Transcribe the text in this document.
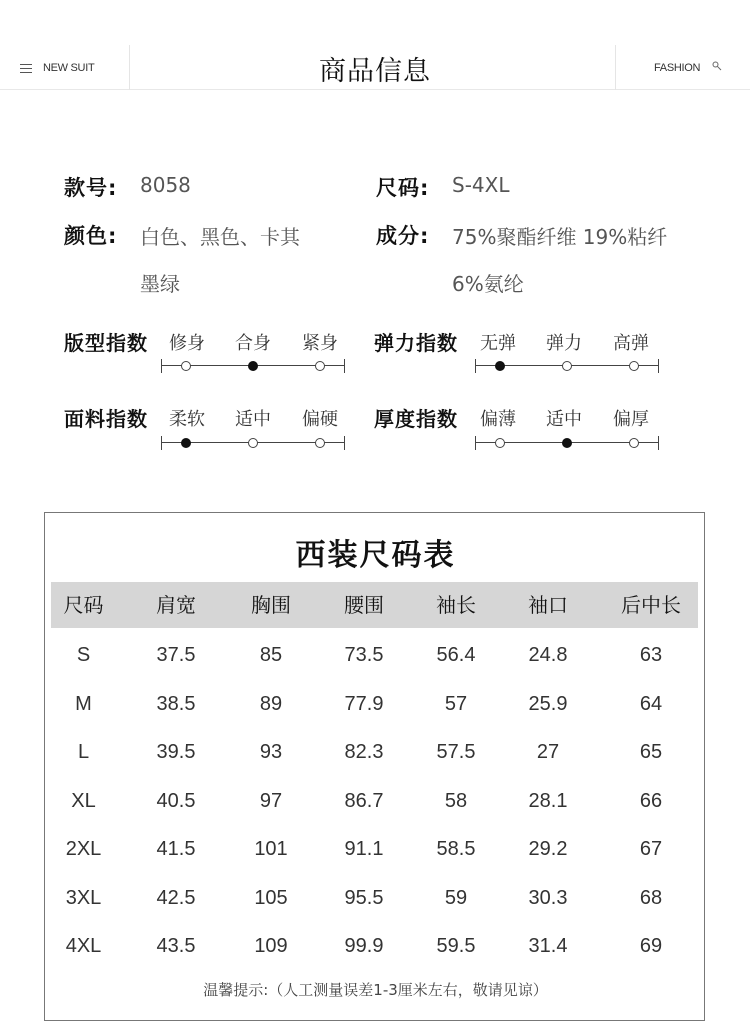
NEW SUIT	商品信息	FASHION
款号: 8058	尺码: S-4XL
颜色: 白色、黑色、卡其
墨绿
成分: 75%聚酯纤维 19%粘纤
6%氨纶
版型指数	修身	合身	紧身	弹力指数	无弹	弹力	高弹
面料指数	柔软	适中	偏硬	厚度指数	偏薄	适中	偏厚
西装尺码表
尺码	肩宽	胸围	腰围	袖长	袖口	后中长
S	37.5	85	73.5	56.4	24.8	63
M	38.5	89	77.9	57	25.9	64
L	39.5	93	82.3	57.5	27	65
XL	40.5	97	86.7	58	28.1	66
2XL	41.5	101	91.1	58.5	29.2	67
3XL	42.5	105	95.5	59	30.3	68
4XL	43.5	109	99.9	59.5	31.4	69
温馨提示:（人工测量误差1-3厘米左右，敬请见谅）
